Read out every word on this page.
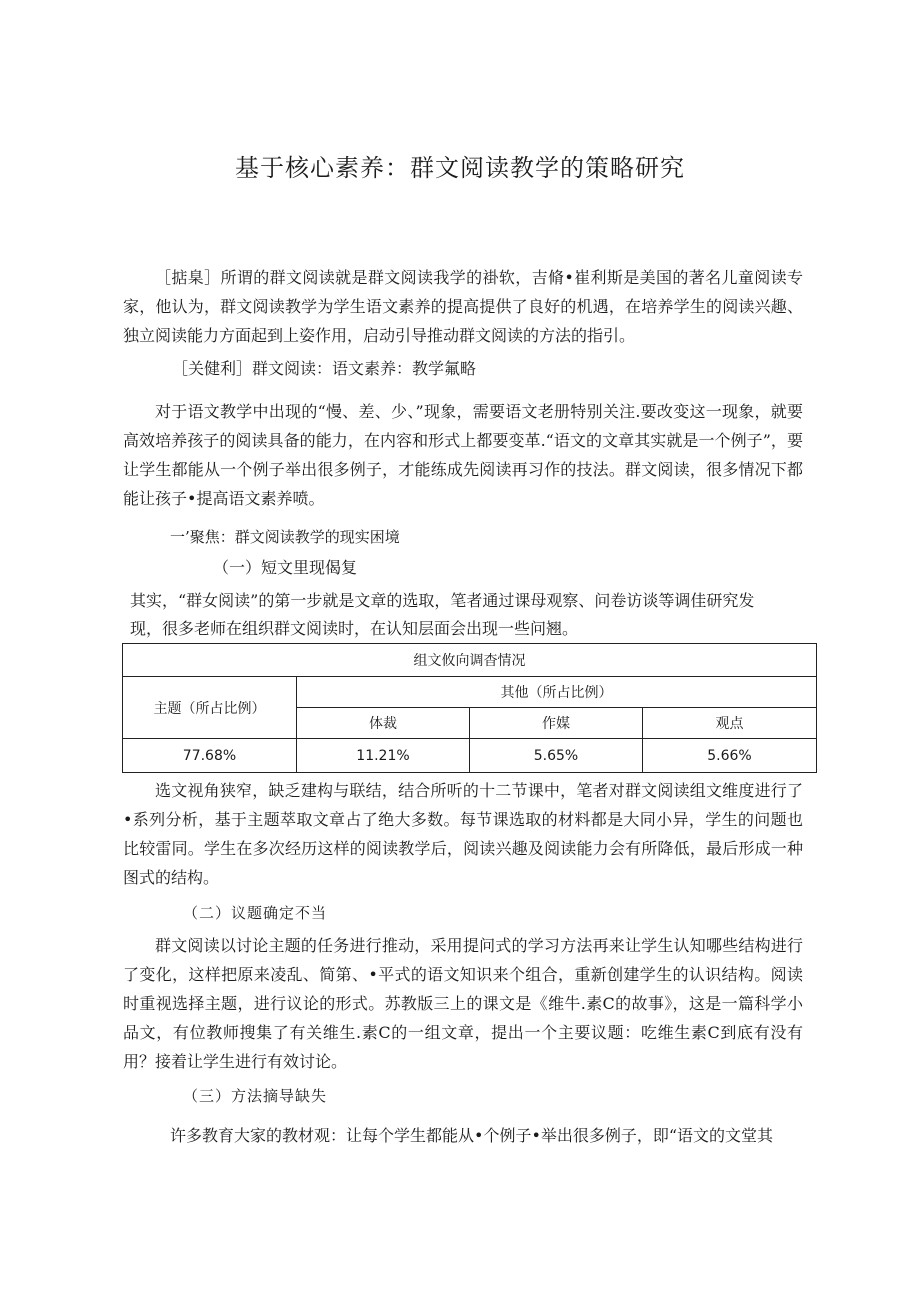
基于核心素养：群文阅读教学的策略研究

［掂臬］所谓的群文阅读就是群文阅读我学的褂软，吉脩•崔利斯是美国的著名儿童阅读专家，他认为，群文阅读教学为学生语文素养的提高提供了良好的机遇，在培养学生的阅读兴趣、独立阅读能力方面起到上姿作用，启动引导推动群文阅读的方法的指引。

［关健利］群文阅读：语文素养：教学氟略

对于语文教学中出现的“慢、差、少、”现象，需要语文老册特别关注.要改变这一现象，就要高效培养孩子的阅读具备的能力，在内容和形式上都要变革.“语文的文章其实就是一个例子”，要让学生都能从一个例子举出很多例子，才能练成先阅读再习作的技法。群文阅读，很多情况下都能让孩子•提高语文素养喷。

一’聚焦：群文阅读教学的现实困境
（一）短文里现偈复
其实，“群女阅读”的第一步就是文章的选取，笔者通过课母观察、问卷访谈等调佳研究发
现，很多老师在组织群文阅读时，在认知层面会出现一些问翘。
组文攸向调杳情况			
主题（所占比例）	其他（所占比例）		
	体裁	作媒	观点
77.68%	11.21%	5.65%	5.66%

选文视角狭窄，缺乏建构与联结，结合所听的十二节课中，笔者对群文阅读组文维度进行了•系列分析，基于主题萃取文章占了绝大多数。每节课选取的材料都是大同小异，学生的问题也比较雷同。学生在多次经历这样的阅读教学后，阅读兴趣及阅读能力会有所降低，最后形成一种图式的结构。

（二）议题确定不当

群文阅读以讨论主题的任务进行推动，采用提问式的学习方法再来让学生认知哪些结构进行了变化，这样把原来凌乱、简第、•平式的语文知识来个组合，重新创建学生的认识结构。阅读时重视选择主题，进行议论的形式。苏教版三上的课文是《维牛.素C的故事》，这是一篇科学小品文，有位教师搜集了有关维生.素C的一组文章，提出一个主要议题：吃维生素C到底有没有用？接着让学生进行有效讨论。

（三）方法摘导缺失
许多教育大家的教材观：让每个学生都能从•个例子•举出很多例子，即“语文的文堂其
